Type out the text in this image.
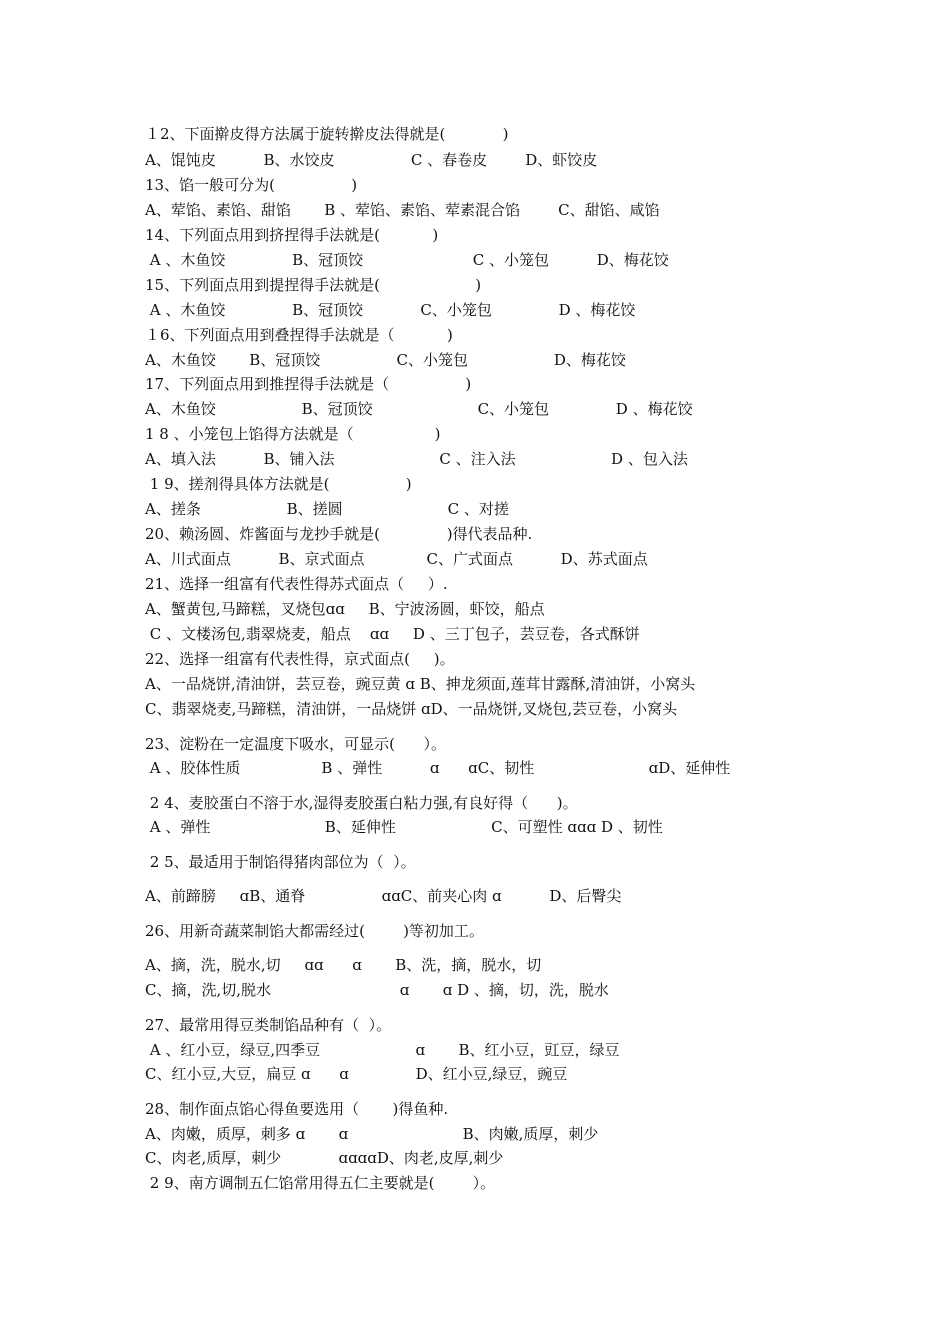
１2、下面擀皮得方法属于旋转擀皮法得就是(            )
A、馄饨皮          B、水饺皮                C 、春卷皮        D、虾饺皮
13、馅一般可分为(                )
A、荤馅、素馅、甜馅       B 、荤馅、素馅、荤素混合馅        C、甜馅、咸馅
14、下列面点用到挤捏得手法就是(           )
A 、木鱼饺              B、冠顶饺                       C 、小笼包          D、梅花饺
15、下列面点用到提捏得手法就是(                    )
A 、木鱼饺              B、冠顶饺            C、小笼包              D 、梅花饺
１6、下列面点用到叠捏得手法就是（           )
A、木鱼饺       B、冠顶饺                C、小笼包                  D、梅花饺
17、下列面点用到推捏得手法就是（                )
A、木鱼饺                  B、冠顶饺                      C、小笼包              D 、梅花饺
1 8 、小笼包上馅得方法就是（                 )
A、填入法          B、铺入法                      C 、注入法                    D 、包入法
1 9、搓剂得具体方法就是(                )
A、搓条                  B、搓圆                      C 、对搓
20、赖汤圆、炸酱面与龙抄手就是(              )得代表品种.
A、川式面点          B、京式面点             C、广式面点          D、苏式面点
21、选择一组富有代表性得苏式面点（     ）.
A、蟹黄包,马蹄糕，叉烧包ɑɑ     B、宁波汤圆，虾饺，船点
C 、文楼汤包,翡翠烧麦，船点    ɑɑ     D 、三丁包子，芸豆卷，各式酥饼
22、选择一组富有代表性得，京式面点(     )。
A、一品烧饼,清油饼，芸豆卷，豌豆黄 ɑ B、抻龙须面,莲茸甘露酥,清油饼，小窝头
C、翡翠烧麦,马蹄糕，清油饼，一品烧饼 ɑD、一品烧饼,叉烧包,芸豆卷，小窝头
23、淀粉在一定温度下吸水，可显示(      ）。
A 、胶体性质                 B 、弹性          ɑ      ɑC、韧性                        ɑD、延伸性
2 4、麦胶蛋白不溶于水,湿得麦胶蛋白粘力强,有良好得（      )。
A 、弹性                        B、延伸性                    C、可塑性 ɑɑɑ D 、韧性
2 5、最适用于制馅得猪肉部位为（  ）。
A、前蹄膀     ɑB、通脊                ɑɑC、前夹心肉 ɑ          D、后臀尖
26、用新奇蔬菜制馅大都需经过(        )等初加工。
A、摘，洗，脱水,切     ɑɑ      ɑ       B、洗，摘，脱水，切
C、摘，洗,切,脱水                           ɑ       ɑ D 、摘，切，洗，脱水
27、最常用得豆类制馅品种有（  ）。
A 、红小豆，绿豆,四季豆                    ɑ       B、红小豆，豇豆，绿豆
C、红小豆,大豆，扁豆 ɑ      ɑ              D、红小豆,绿豆，豌豆
28、制作面点馅心得鱼要选用（       )得鱼种.
A、肉嫩，质厚，刺多 ɑ       ɑ                        B、肉嫩,质厚，刺少
C、肉老,质厚，刺少            ɑɑɑɑD、肉老,皮厚,刺少
2 9、南方调制五仁馅常用得五仁主要就是(        ）。
